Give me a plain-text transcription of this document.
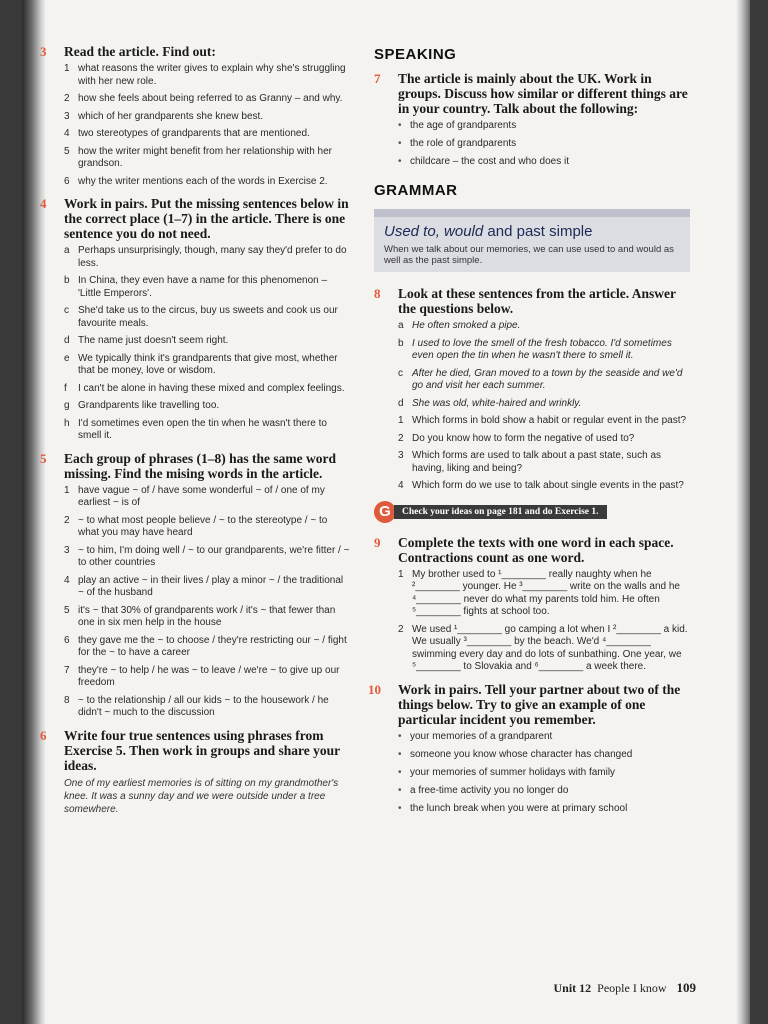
3 Read the article. Find out:
1 what reasons the writer gives to explain why she's struggling with her new role.
2 how she feels about being referred to as Granny – and why.
3 which of her grandparents she knew best.
4 two stereotypes of grandparents that are mentioned.
5 how the writer might benefit from her relationship with her grandson.
6 why the writer mentions each of the words in Exercise 2.
4 Work in pairs. Put the missing sentences below in the correct place (1–7) in the article. There is one sentence you do not need.
a Perhaps unsurprisingly, though, many say they'd prefer to do less.
b In China, they even have a name for this phenomenon – 'Little Emperors'.
c She'd take us to the circus, buy us sweets and cook us our favourite meals.
d The name just doesn't seem right.
e We typically think it's grandparents that give most, whether that be money, love or wisdom.
f I can't be alone in having these mixed and complex feelings.
g Grandparents like travelling too.
h I'd sometimes even open the tin when he wasn't there to smell it.
5 Each group of phrases (1–8) has the same word missing. Find the mising words in the article.
1 have vague ~ of / have some wonderful ~ of / one of my earliest ~ is of
2 ~ to what most people believe / ~ to the stereotype / ~ to what you may have heard
3 ~ to him, I'm doing well / ~ to our grandparents, we're fitter / ~ to other countries
4 play an active ~ in their lives / play a minor ~ / the traditional ~ of the husband
5 it's ~ that 30% of grandparents work / it's ~ that fewer than one in six men help in the house
6 they gave me the ~ to choose / they're restricting our ~ / fight for the ~ to have a career
7 they're ~ to help / he was ~ to leave / we're ~ to give up our freedom
8 ~ to the relationship / all our kids ~ to the housework / he didn't ~ much to the discussion
6 Write four true sentences using phrases from Exercise 5. Then work in groups and share your ideas.
One of my earliest memories is of sitting on my grandmother's knee. It was a sunny day and we were outside under a tree somewhere.
SPEAKING
7 The article is mainly about the UK. Work in groups. Discuss how similar or different things are in your country. Talk about the following:
• the age of grandparents
• the role of grandparents
• childcare – the cost and who does it
GRAMMAR
Used to, would and past simple
When we talk about our memories, we can use used to and would as well as the past simple.
8 Look at these sentences from the article. Answer the questions below.
a He often smoked a pipe.
b I used to love the smell of the fresh tobacco. I'd sometimes even open the tin when he wasn't there to smell it.
c After he died, Gran moved to a town by the seaside and we'd go and visit her each summer.
d She was old, white-haired and wrinkly.
1 Which forms in bold show a habit or regular event in the past?
2 Do you know how to form the negative of used to?
3 Which forms are used to talk about a past state, such as having, liking and being?
4 Which form do we use to talk about single events in the past?
G	Check your ideas on page 181 and do Exercise 1.
9 Complete the texts with one word in each space. Contractions count as one word.
1 My brother used to ¹________ really naughty when he ²________ younger. He ³________ write on the walls and he ⁴________ never do what my parents told him. He often ⁵________ fights at school too.
2 We used ¹________ go camping a lot when I ²________ a kid. We usually ³________ by the beach. We'd ⁴________ swimming every day and do lots of sunbathing. One year, we ⁵________ to Slovakia and ⁶________ a week there.
10 Work in pairs. Tell your partner about two of the things below. Try to give an example of one particular incident you remember.
• your memories of a grandparent
• someone you know whose character has changed
• your memories of summer holidays with family
• a free-time activity you no longer do
• the lunch break when you were at primary school
Unit 12 People I know 109
